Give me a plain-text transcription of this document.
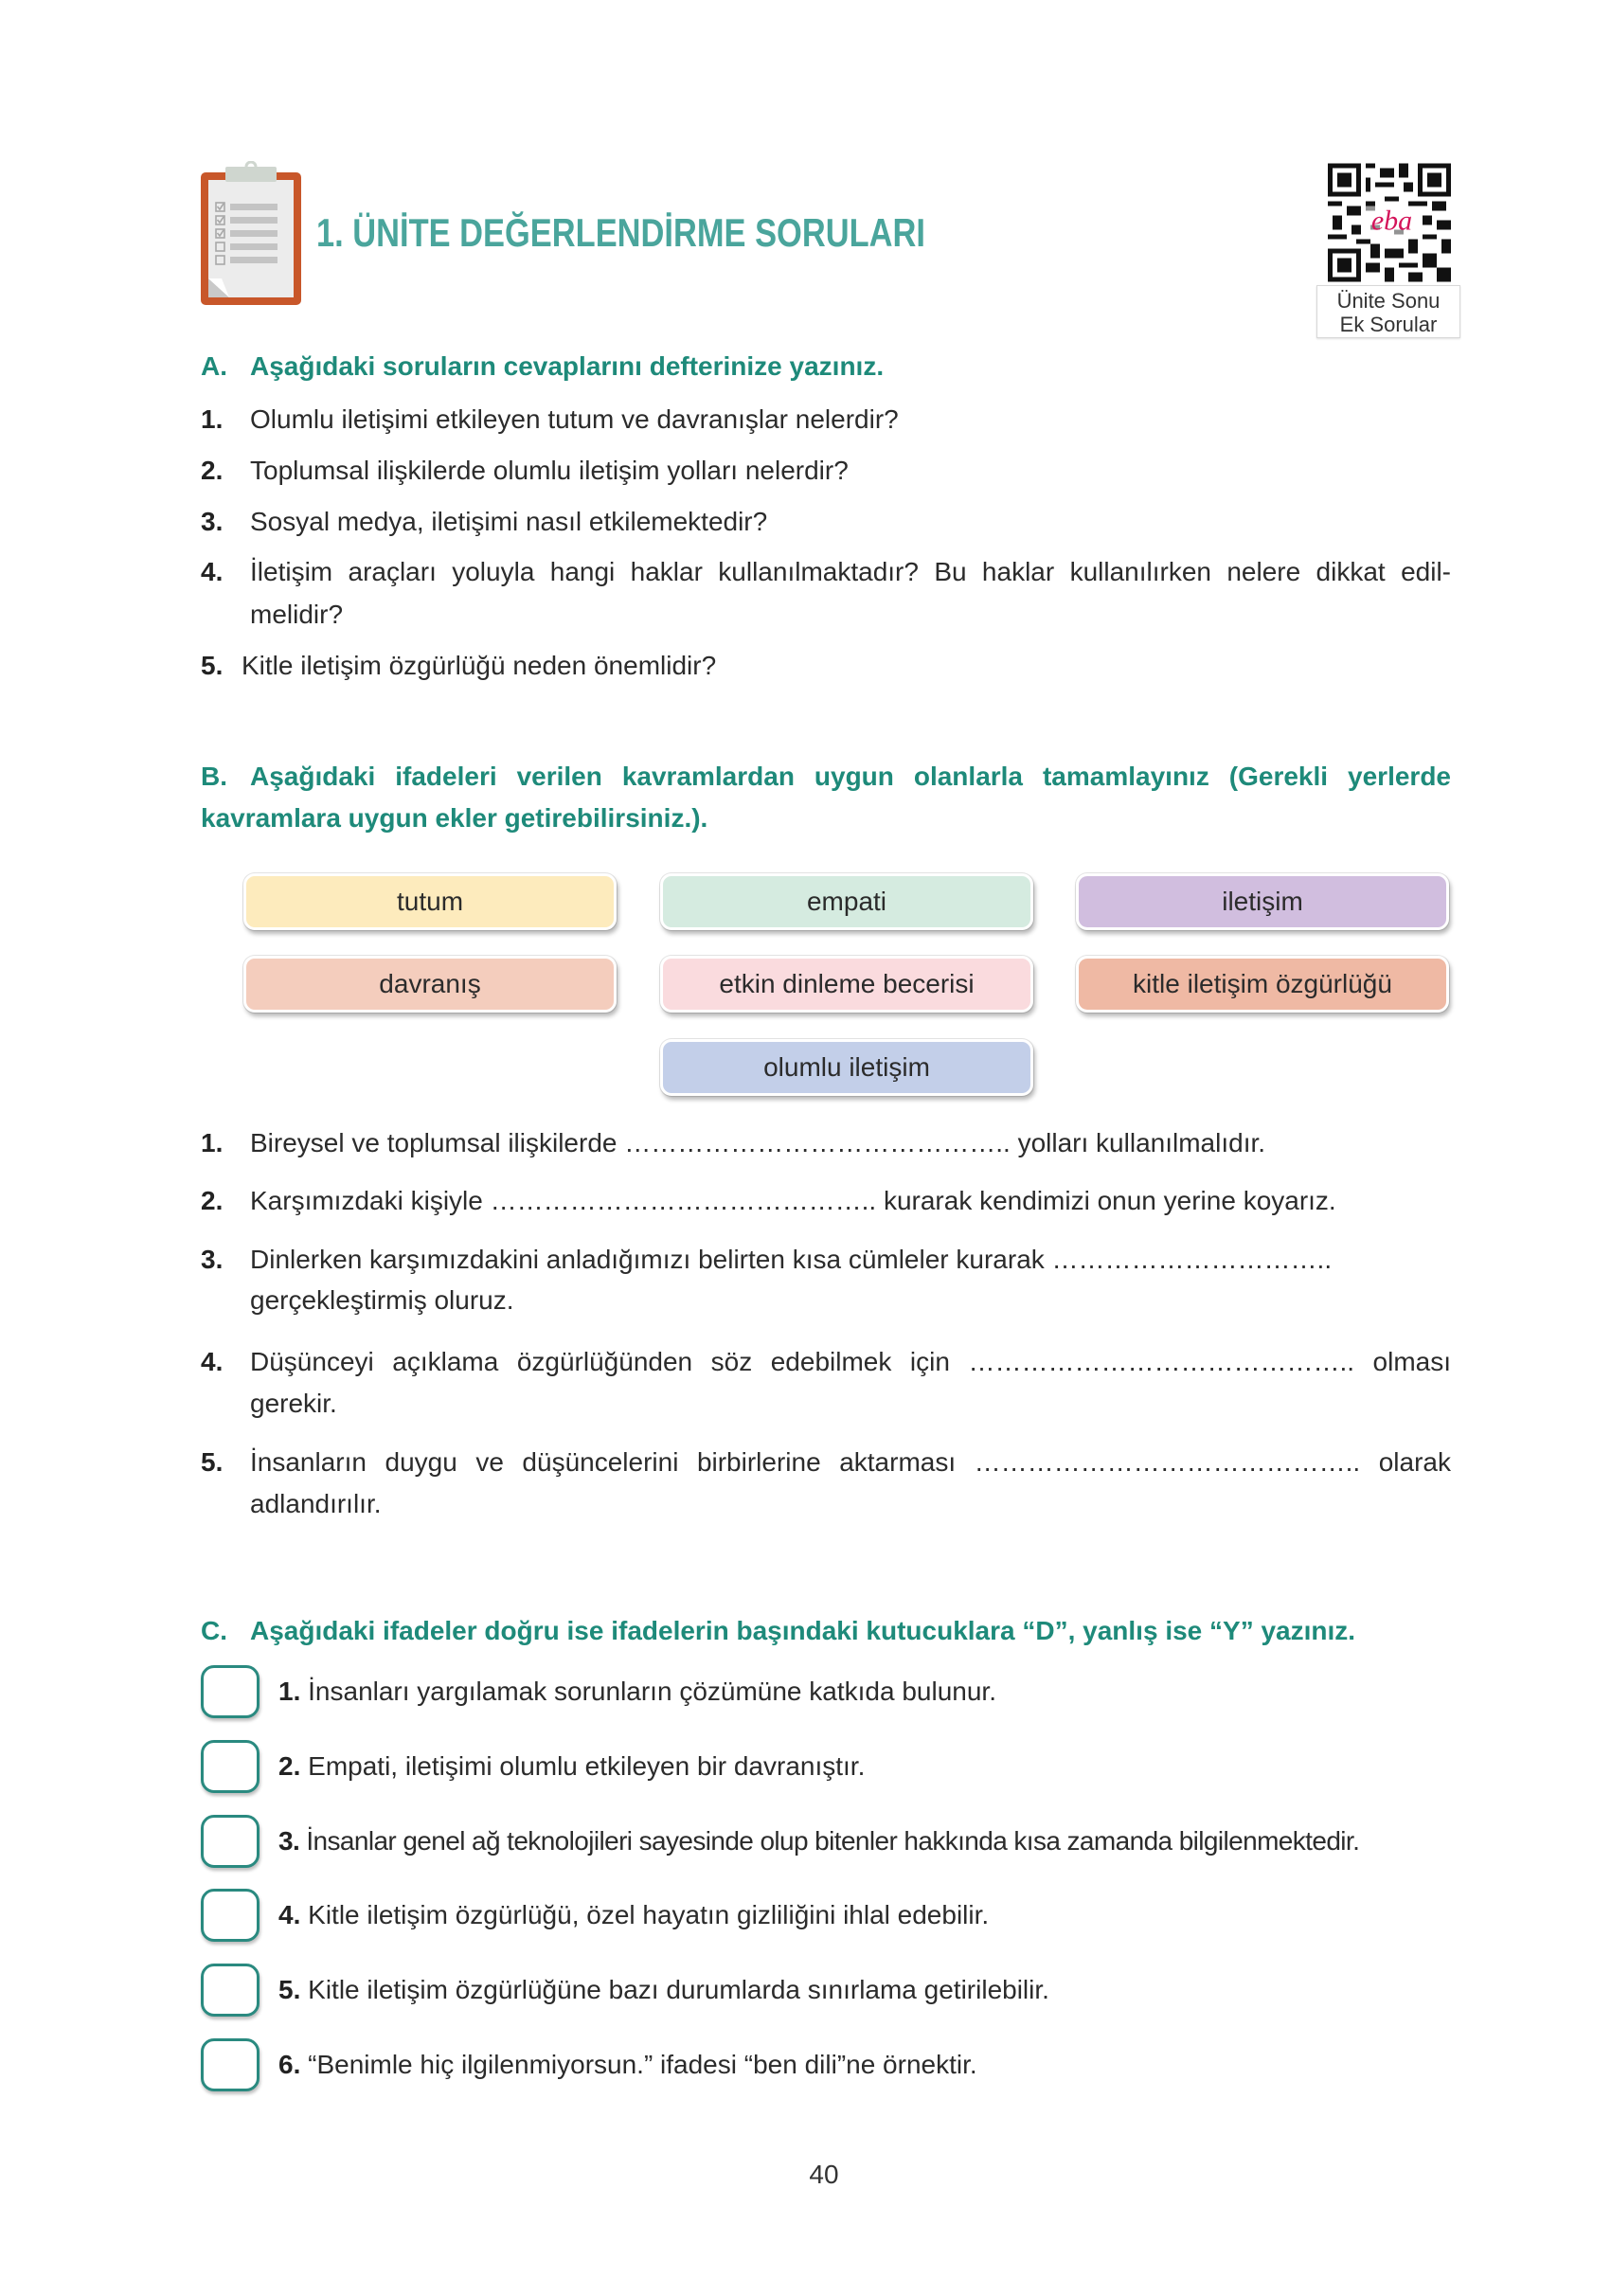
1. ÜNİTE DEĞERLENDİRME SORULARI	eba
Ünite Sonu
Ek Sorular
A. Aşağıdaki soruların cevaplarını defterinize yazınız.
1.	Olumlu iletişimi etkileyen tutum ve davranışlar nelerdir?
2.	Toplumsal ilişkilerde olumlu iletişim yolları nelerdir?
3.	Sosyal medya, iletişimi nasıl etkilemektedir?
4.	İletişim araçları yoluyla hangi haklar kullanılmaktadır? Bu haklar kullanılırken nelere dikkat edil-
melidir?
5. Kitle iletişim özgürlüğü neden önemlidir?
B. Aşağıdaki ifadeleri verilen kavramlardan uygun olanlarla tamamlayınız (Gerekli yerlerde
kavramlara uygun ekler getirebilirsiniz.).
tutum	empati	iletişim
davranış	etkin dinleme becerisi	kitle iletişim özgürlüğü
olumlu iletişim
1.	Bireysel ve toplumsal ilişkilerde …………………………………….. yolları kullanılmalıdır.
2.	Karşımızdaki kişiyle …………………………………….. kurarak kendimizi onun yerine koyarız.
3.	Dinlerken karşımızdakini anladığımızı belirten kısa cümleler kurarak …………………………..
gerçekleştirmiş oluruz.
4.	Düşünceyi açıklama özgürlüğünden söz edebilmek için …………………………………….. olması
gerekir.
5.	İnsanların duygu ve düşüncelerini birbirlerine aktarması …………………………………….. olarak
adlandırılır.
C. Aşağıdaki ifadeler doğru ise ifadelerin başındaki kutucuklara “D”, yanlış ise “Y” yazınız.
1. İnsanları yargılamak sorunların çözümüne katkıda bulunur.
2. Empati, iletişimi olumlu etkileyen bir davranıştır.
3. İnsanlar genel ağ teknolojileri sayesinde olup bitenler hakkında kısa zamanda bilgilenmektedir.
4. Kitle iletişim özgürlüğü, özel hayatın gizliliğini ihlal edebilir.
5. Kitle iletişim özgürlüğüne bazı durumlarda sınırlama getirilebilir.
6. “Benimle hiç ilgilenmiyorsun.” ifadesi “ben dili”ne örnektir.
40
